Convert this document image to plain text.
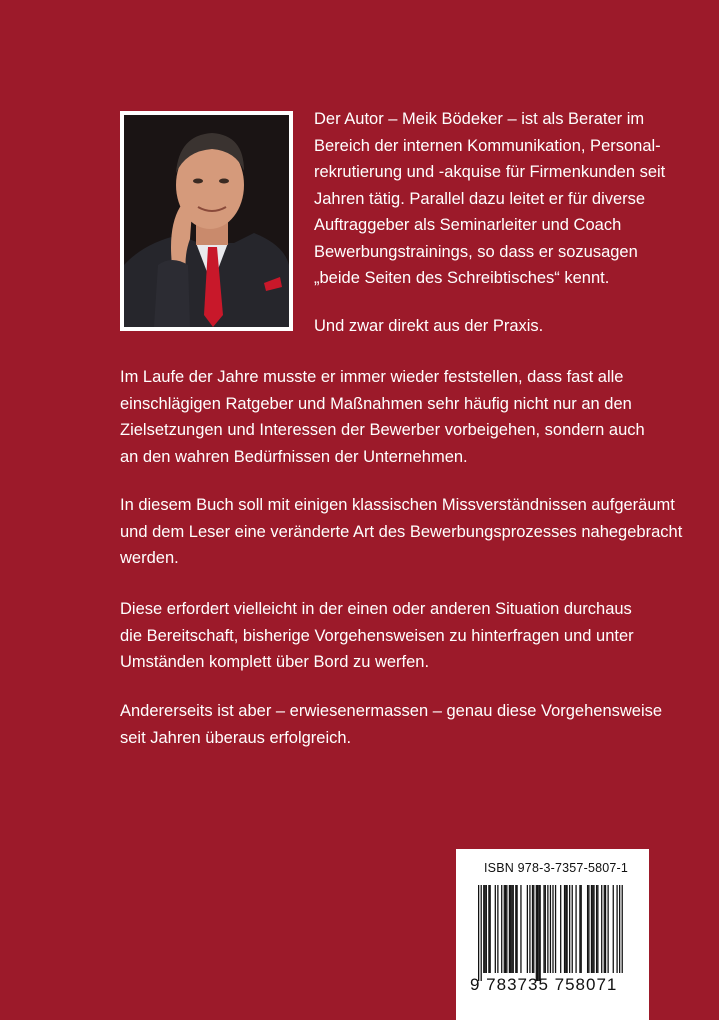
Der Autor – Meik Bödeker – ist als Berater im
Bereich der internen Kommunikation, Personal-
rekrutierung und -akquise für Firmenkunden seit
Jahren tätig. Parallel dazu leitet er für diverse
Auftraggeber als Seminarleiter und Coach
Bewerbungstrainings, so dass er sozusagen
„beide Seiten des Schreibtisches“ kennt.

Und zwar direkt aus der Praxis.

Im Laufe der Jahre musste er immer wieder feststellen, dass fast alle
einschlägigen Ratgeber und Maßnahmen sehr häufig nicht nur an den
Zielsetzungen und Interessen der Bewerber vorbeigehen, sondern auch
an den wahren Bedürfnissen der Unternehmen.

In diesem Buch soll mit einigen klassischen Missverständnissen aufgeräumt
und dem Leser eine veränderte Art des Bewerbungsprozesses nahegebracht
werden.

Diese erfordert vielleicht in der einen oder anderen Situation durchaus
die Bereitschaft, bisherige Vorgehensweisen zu hinterfragen und unter
Umständen komplett über Bord zu werfen.

Andererseits ist aber – erwiesenermassen – genau diese Vorgehensweise
seit Jahren überaus erfolgreich.

ISBN 978-3-7357-5807-1
9 783735 758071
